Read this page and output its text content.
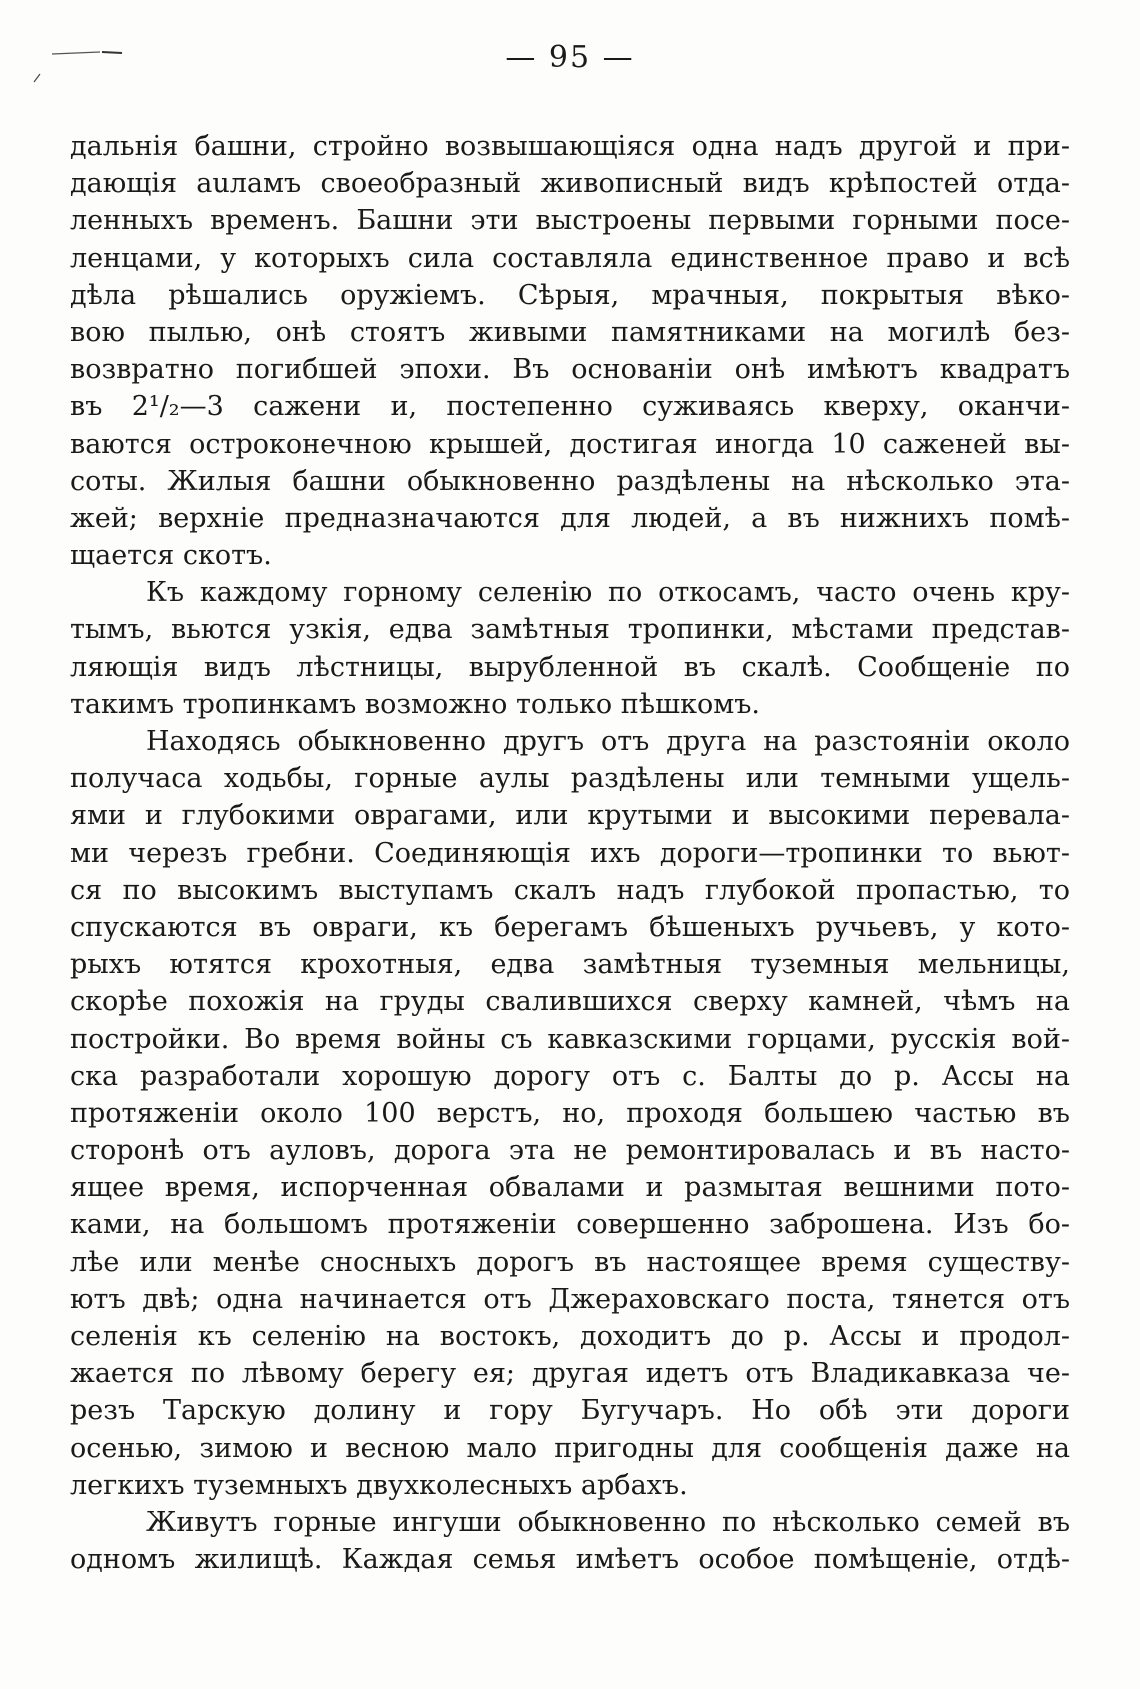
— 95 —
дальнія башни, стройно возвышающіяся одна надъ другой и при-
дающія auламъ своеобразный живописный видъ крѣпостей отда-
ленныхъ временъ. Башни эти выстроены первыми горными посе-
ленцами, у которыхъ сила составляла единственное право и всѣ
дѣла рѣшались оружіемъ. Сѣрыя, мрачныя, покрытыя вѣко-
вою пылью, онѣ стоятъ живыми памятниками на могилѣ без-
возвратно погибшей эпохи. Въ основаніи онѣ имѣютъ квадратъ
въ 2¹/₂—3 сажени и, постепенно суживаясь кверху, оканчи-
ваются остроконечною крышей, достигая иногда 10 саженей вы-
соты. Жилыя башни обыкновенно раздѣлены на нѣсколько эта-
жей; верхніе предназначаются для людей, а въ нижнихъ помѣ-
щается скотъ.
Къ каждому горному селенію по откосамъ, часто очень кру-
тымъ, вьются узкія, едва замѣтныя тропинки, мѣстами представ-
ляющія видъ лѣстницы, вырубленной въ скалѣ. Сообщеніе по
такимъ тропинкамъ возможно только пѣшкомъ.
Находясь обыкновенно другъ отъ друга на разстояніи около
получаса ходьбы, горные аулы раздѣлены или темными ущель-
ями и глубокими оврагами, или крутыми и высокими перевала-
ми черезъ гребни. Соединяющія ихъ дороги—тропинки то вьют-
ся по высокимъ выступамъ скалъ надъ глубокой пропастью, то
спускаются въ овраги, къ берегамъ бѣшеныхъ ручьевъ, у кото-
рыхъ ютятся крохотныя, едва замѣтныя туземныя мельницы,
скорѣе похожія на груды свалившихся сверху камней, чѣмъ на
постройки. Во время войны съ кавказскими горцами, русскія вой-
ска разработали хорошую дорогу отъ с. Балты до р. Ассы на
протяженіи около 100 верстъ, но, проходя большею частью въ
сторонѣ отъ ауловъ, дорога эта не ремонтировалась и въ насто-
ящее время, испорченная обвалами и размытая вешними пото-
ками, на большомъ протяженіи совершенно заброшена. Изъ бо-
лѣе или менѣе сносныхъ дорогъ въ настоящее время существу-
ютъ двѣ; одна начинается отъ Джераховскаго поста, тянется отъ
селенія къ селенію на востокъ, доходитъ до р. Ассы и продол-
жается по лѣвому берегу ея; другая идетъ отъ Владикавказа че-
резъ Тарскую долину и гору Бугучаръ. Но обѣ эти дороги
осенью, зимою и весною мало пригодны для сообщенія даже на
легкихъ туземныхъ двухколесныхъ арбахъ.
Живутъ горные ингуши обыкновенно по нѣсколько семей въ
одномъ жилищѣ. Каждая семья имѣетъ особое помѣщеніе, отдѣ-
